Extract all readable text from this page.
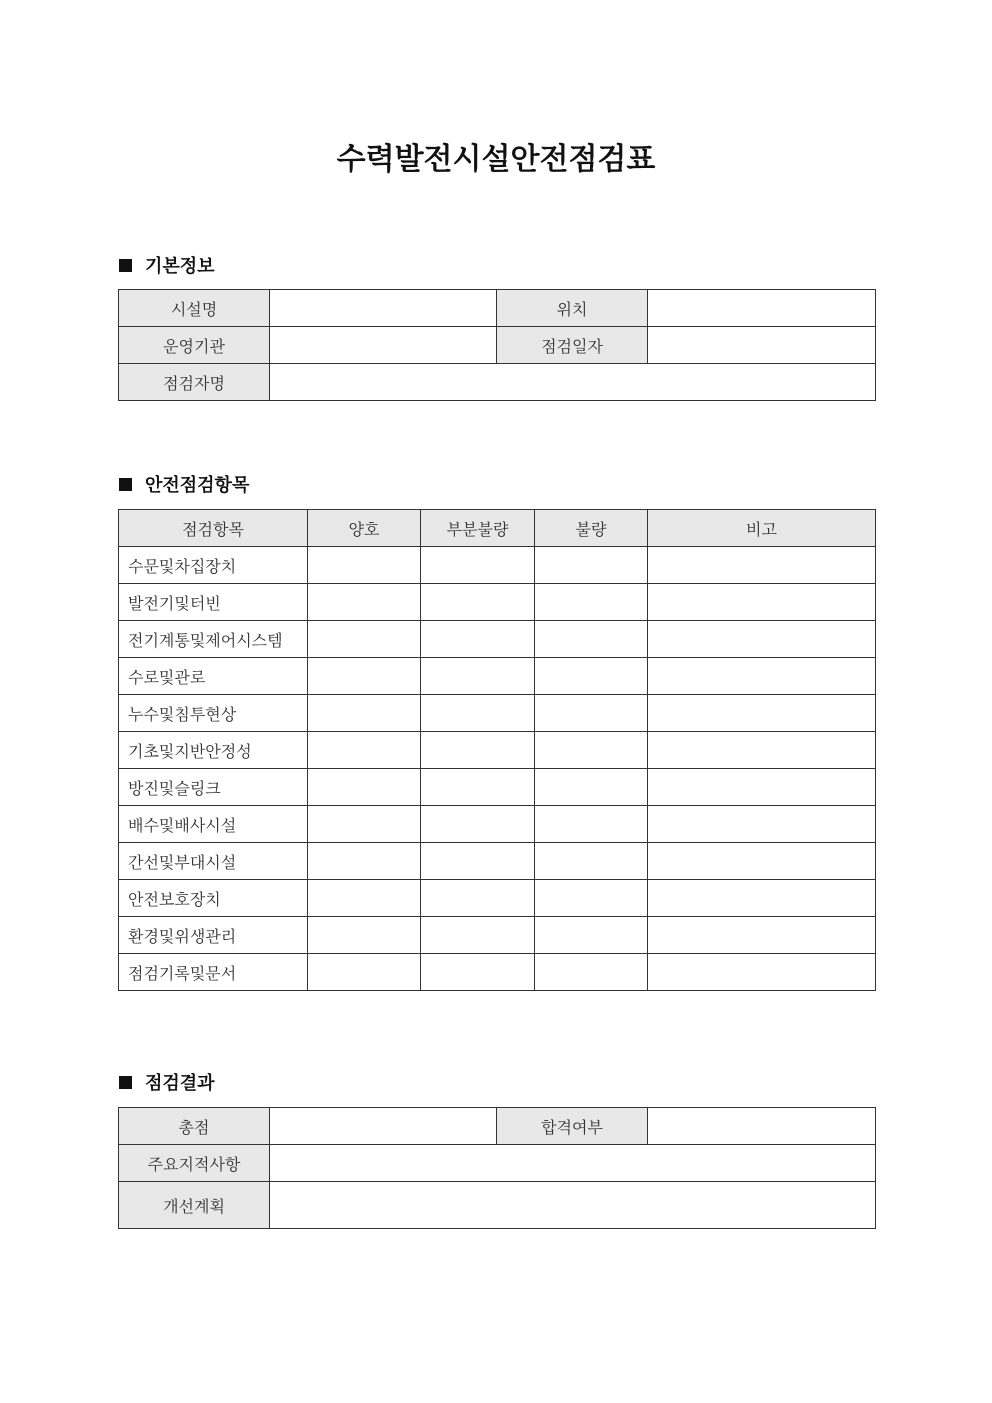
수력발전시설안전점검표
기본정보
시설명		위치	
운영기관		점검일자	
점검자명			
안전점검항목
점검항목	양호	부분불량	불량	비고
수문및차집장치				
발전기및터빈				
전기계통및제어시스템				
수로및관로				
누수및침투현상				
기초및지반안정성				
방진및슬링크				
배수및배사시설				
간선및부대시설				
안전보호장치				
환경및위생관리				
점검기록및문서				
점검결과
총점		합격여부	
주요지적사항			
개선계획			
